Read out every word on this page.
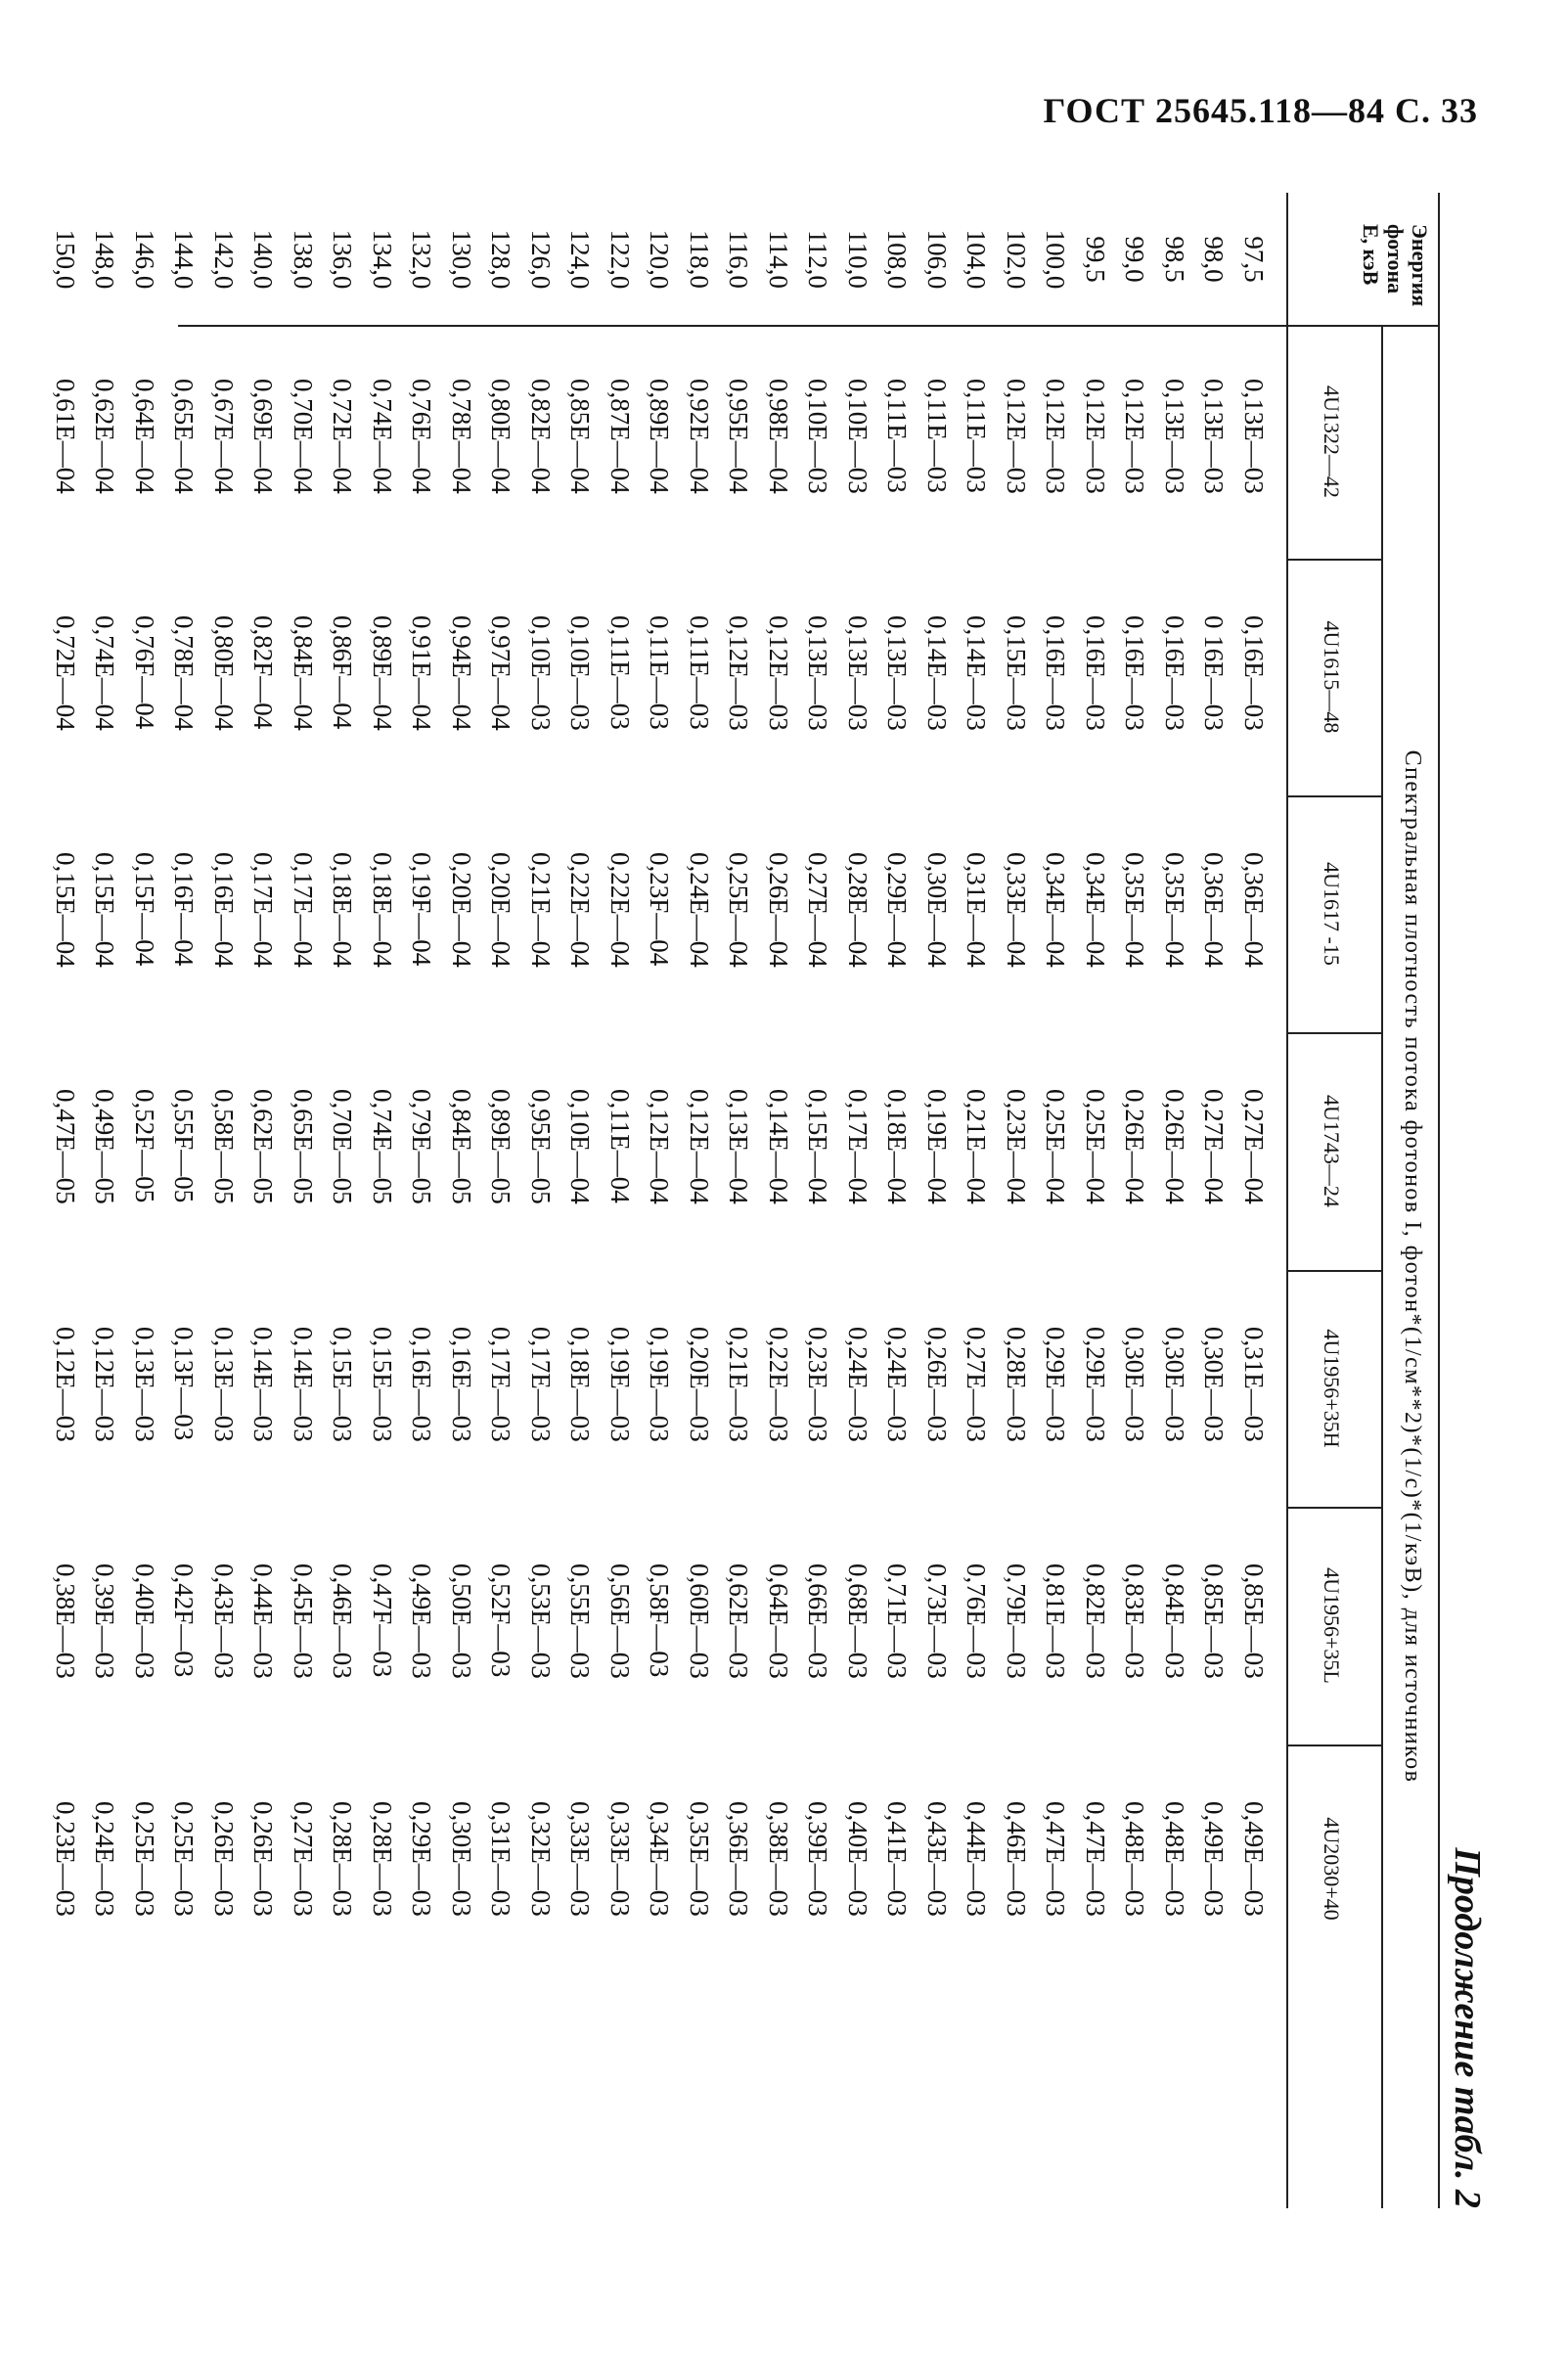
ГОСТ 25645.118—84 С. 33
Продолжение табл. 2
Энергия
фотона
E, кэВ
Спектральная плотность потока фотонов I, фотон*(1/см**2)*(1/с)*(1/кэВ), для источников
4U1322—42
4U1615—48
4U1617 -15
4U1743—24
4U1956+35H
4U1956+35L
4U2030+40
97,5
0,13E—03
0,16E—03
0,36E—04
0,27E—04
0,31E—03
0,85E—03
0,49E—03
98,0
0,13E—03
0 16E—03
0,36E—04
0,27E—04
0,30E—03
0,85E—03
0,49E—03
98,5
0,13E—03
0,16E—03
0,35E—04
0,26E—04
0,30E—03
0,84E—03
0,48E—03
99,0
0,12E—03
0,16E—03
0,35E—04
0,26E—04
0,30E—03
0,83E—03
0,48E—03
99,5
0,12E—03
0,16E—03
0,34E—04
0,25E—04
0,29E—03
0,82E—03
0,47E—03
100,0
0,12E—03
0,16E—03
0,34E—04
0,25E—04
0,29E—03
0,81E—03
0,47E—03
102,0
0,12E—03
0,15E—03
0,33E—04
0,23E—04
0,28E—03
0,79E—03
0,46E—03
104,0
0,11E—03
0,14E—03
0,31E—04
0,21E—04
0,27E—03
0,76E—03
0,44E—03
106,0
0,11E—03
0,14E—03
0,30E—04
0,19E—04
0,26E—03
0,73E—03
0,43E—03
108,0
0,11E—03
0,13E—03
0,29E—04
0,18E—04
0,24E—03
0,71E—03
0,41E—03
110,0
0,10E—03
0,13E—03
0,28E—04
0,17E—04
0,24E—03
0,68E—03
0,40E—03
112,0
0,10E—03
0,13E—03
0,27E—04
0,15E—04
0,23E—03
0,66E—03
0,39E—03
114,0
0,98E—04
0,12E—03
0,26E—04
0,14E—04
0,22E—03
0,64E—03
0,38E—03
116,0
0,95E—04
0,12E—03
0,25E—04
0,13E—04
0,21E—03
0,62E—03
0,36E—03
118,0
0,92E—04
0,11E—03
0,24E—04
0,12E—04
0,20E—03
0,60E—03
0,35E—03
120,0
0,89E—04
0,11E—03
0,23F—04
0,12E—04
0,19E—03
0,58F—03
0,34E—03
122,0
0,87E—04
0,11E—03
0,22E—04
0,11E—04
0,19E—03
0,56E—03
0,33E—03
124,0
0,85E—04
0,10E—03
0,22E—04
0,10E—04
0,18E—03
0,55E—03
0,33E—03
126,0
0,82E—04
0,10E—03
0,21E—04
0,95E—05
0,17E—03
0,53E—03
0,32E—03
128,0
0,80E—04
0,97E—04
0,20E—04
0,89E—05
0,17E—03
0,52F—03
0,31E—03
130,0
0,78E—04
0,94E—04
0,20E—04
0,84E—05
0,16E—03
0,50E—03
0,30E—03
132,0
0,76E—04
0,91E—04
0,19F—04
0,79E—05
0,16E—03
0,49E—03
0,29E—03
134,0
0,74E—04
0,89E—04
0,18E—04
0,74E—05
0,15E—03
0,47F—03
0,28E—03
136,0
0,72E—04
0,86F—04
0,18E—04
0,70E—05
0,15E—03
0,46E—03
0,28E—03
138,0
0,70E—04
0,84E—04
0,17E—04
0,65E—05
0,14E—03
0,45E—03
0,27E—03
140,0
0,69E—04
0,82F—04
0,17E—04
0,62E—05
0,14E—03
0,44E—03
0,26E—03
142,0
0,67E—04
0,80E—04
0,16E—04
0,58E—05
0,13E—03
0,43E—03
0,26E—03
144,0
0,65E—04
0,78E—04
0,16F—04
0,55F—05
0,13F—03
0,42F—03
0,25E—03
146,0
0,64E—04
0,76F—04
0,15F—04
0,52F—05
0,13E—03
0,40E—03
0,25E—03
148,0
0,62E—04
0,74E—04
0,15E—04
0,49E—05
0,12E—03
0,39E—03
0,24E—03
150,0
0,61E—04
0,72E—04
0,15E—04
0,47E—05
0,12E—03
0,38E—03
0,23E—03
